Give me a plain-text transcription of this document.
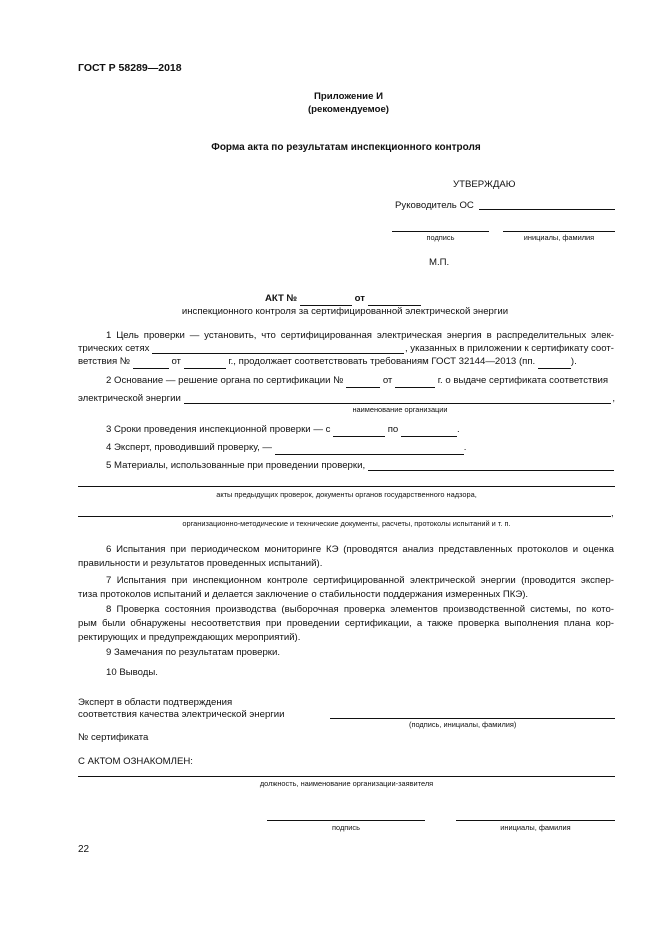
ГОСТ Р 58289—2018
Приложение И
(рекомендуемое)
Форма акта по результатам инспекционного контроля
УТВЕРЖДАЮ
Руководитель ОС
подпись	инициалы, фамилия
М.П.
АКТ №	от
инспекционного контроля за сертифицированной электрической энергии

1 Цель проверки — установить, что сертифицированная электрическая энергия в распределительных элек-

трических сетях	, указанных в приложении к сертификату соот-
ветствия №	от	г., продолжает соответствовать требованиям ГОСТ 32144—2013 (пп.	).
2 Основание — решение органа по сертификации №	от	г. о выдаче сертификата соответствия
электрической энергии	,
наименование организации
3 Сроки проведения инспекционной проверки — с	по	.
4 Эксперт, проводивший проверку, —	.
5 Материалы, использованные при проведении проверки,
акты предыдущих проверок, документы органов государственного надзора,
,
организационно-методические и технические документы, расчеты, протоколы испытаний и т. п.
6 Испытания при периодическом мониторинге КЭ (проводятся анализ представленных протоколов и оценка
правильности и результатов проведенных испытаний).
7 Испытания при инспекционном контроле сертифицированной электрической энергии (проводится экспер-
тиза протоколов испытаний и делается заключение о стабильности поддержания измеренных ПКЭ).
8 Проверка состояния производства (выборочная проверка элементов производственной системы, по кото-
рым были обнаружены несоответствия при проведении сертификации, а также проверка выполнения плана кор-
ректирующих и предупреждающих мероприятий).
9 Замечания по результатам проверки.
10 Выводы.
Эксперт в области подтверждения
соответствия качества электрической энергии
(подпись, инициалы, фамилия)
№ сертификата
С АКТОМ ОЗНАКОМЛЕН:
должность, наименование организации-заявителя
подпись	инициалы, фамилия
22
